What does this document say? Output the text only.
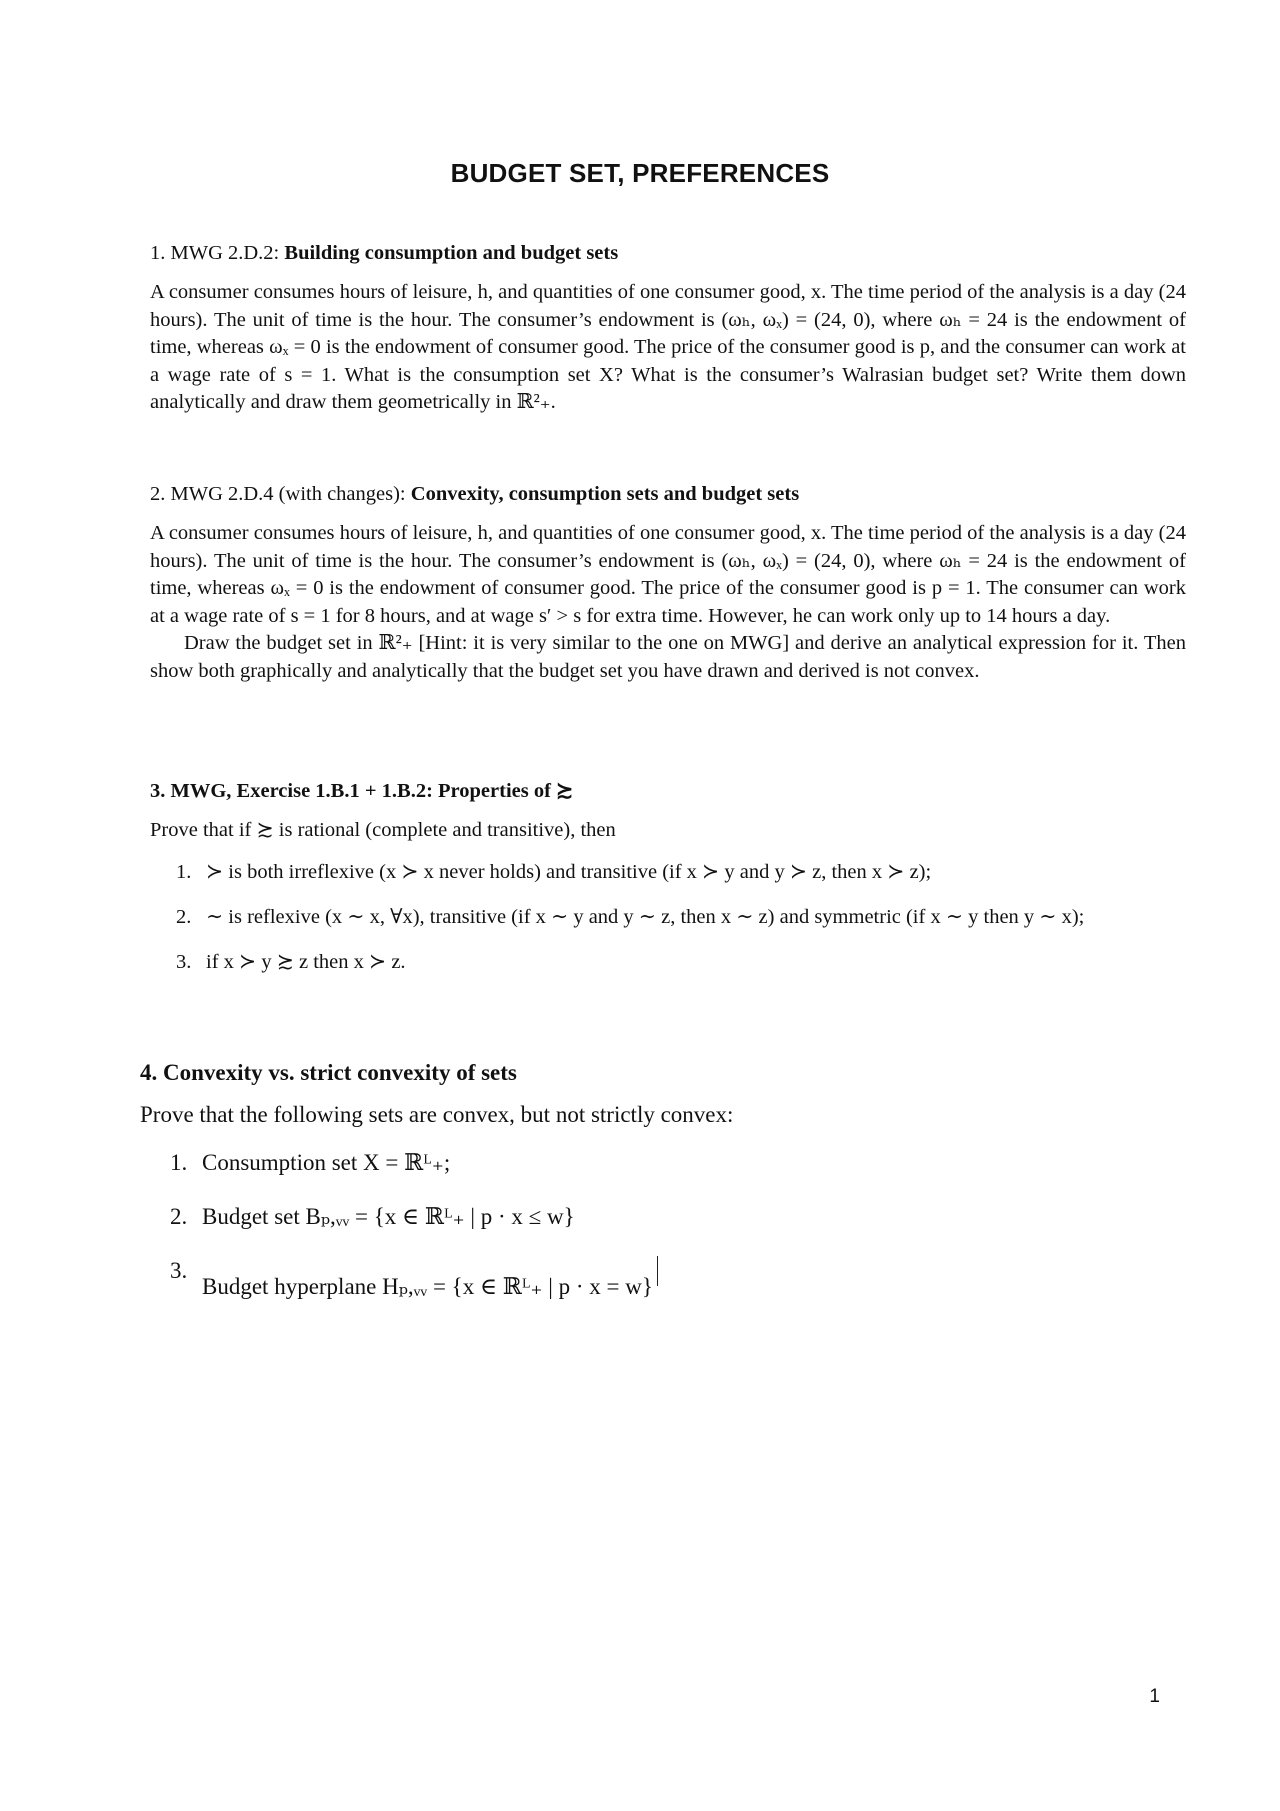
BUDGET SET, PREFERENCES
1. MWG 2.D.2: Building consumption and budget sets

A consumer consumes hours of leisure, h, and quantities of one consumer good, x. The time period of the analysis is a day (24 hours). The unit of time is the hour. The consumer’s endowment is (ωₕ, ωₓ) = (24, 0), where ωₕ = 24 is the endowment of time, whereas ωₓ = 0 is the endowment of consumer good. The price of the consumer good is p, and the consumer can work at a wage rate of s = 1. What is the consumption set X? What is the consumer’s Walrasian budget set? Write them down analytically and draw them geometrically in ℝ²₊.

2. MWG 2.D.4 (with changes): Convexity, consumption sets and budget sets

A consumer consumes hours of leisure, h, and quantities of one consumer good, x. The time period of the analysis is a day (24 hours). The unit of time is the hour. The consumer’s endowment is (ωₕ, ωₓ) = (24, 0), where ωₕ = 24 is the endowment of time, whereas ωₓ = 0 is the endowment of consumer good. The price of the consumer good is p = 1. The consumer can work at a wage rate of s = 1 for 8 hours, and at wage s′ > s for extra time. However, he can work only up to 14 hours a day.

Draw the budget set in ℝ²₊ [Hint: it is very similar to the one on MWG] and derive an analytical expression for it. Then show both graphically and analytically that the budget set you have drawn and derived is not convex.

3. MWG, Exercise 1.B.1 + 1.B.2: Properties of ≿

Prove that if ≿ is rational (complete and transitive), then

1. ≻ is both irreflexive (x ≻ x never holds) and transitive (if x ≻ y and y ≻ z, then x ≻ z);
2. ∼ is reflexive (x ∼ x, ∀x), transitive (if x ∼ y and y ∼ z, then x ∼ z) and symmetric (if x ∼ y then y ∼ x);
3. if x ≻ y ≿ z then x ≻ z.
4. Convexity vs. strict convexity of sets

Prove that the following sets are convex, but not strictly convex:

1. Consumption set X = ℝᴸ₊;
2. Budget set Bₚ,ᵥᵥ = {x ∈ ℝᴸ₊ | p · x ≤ w}
3.
Budget hyperplane Hₚ,ᵥᵥ = {x ∈ ℝᴸ₊ | p · x = w}

1
